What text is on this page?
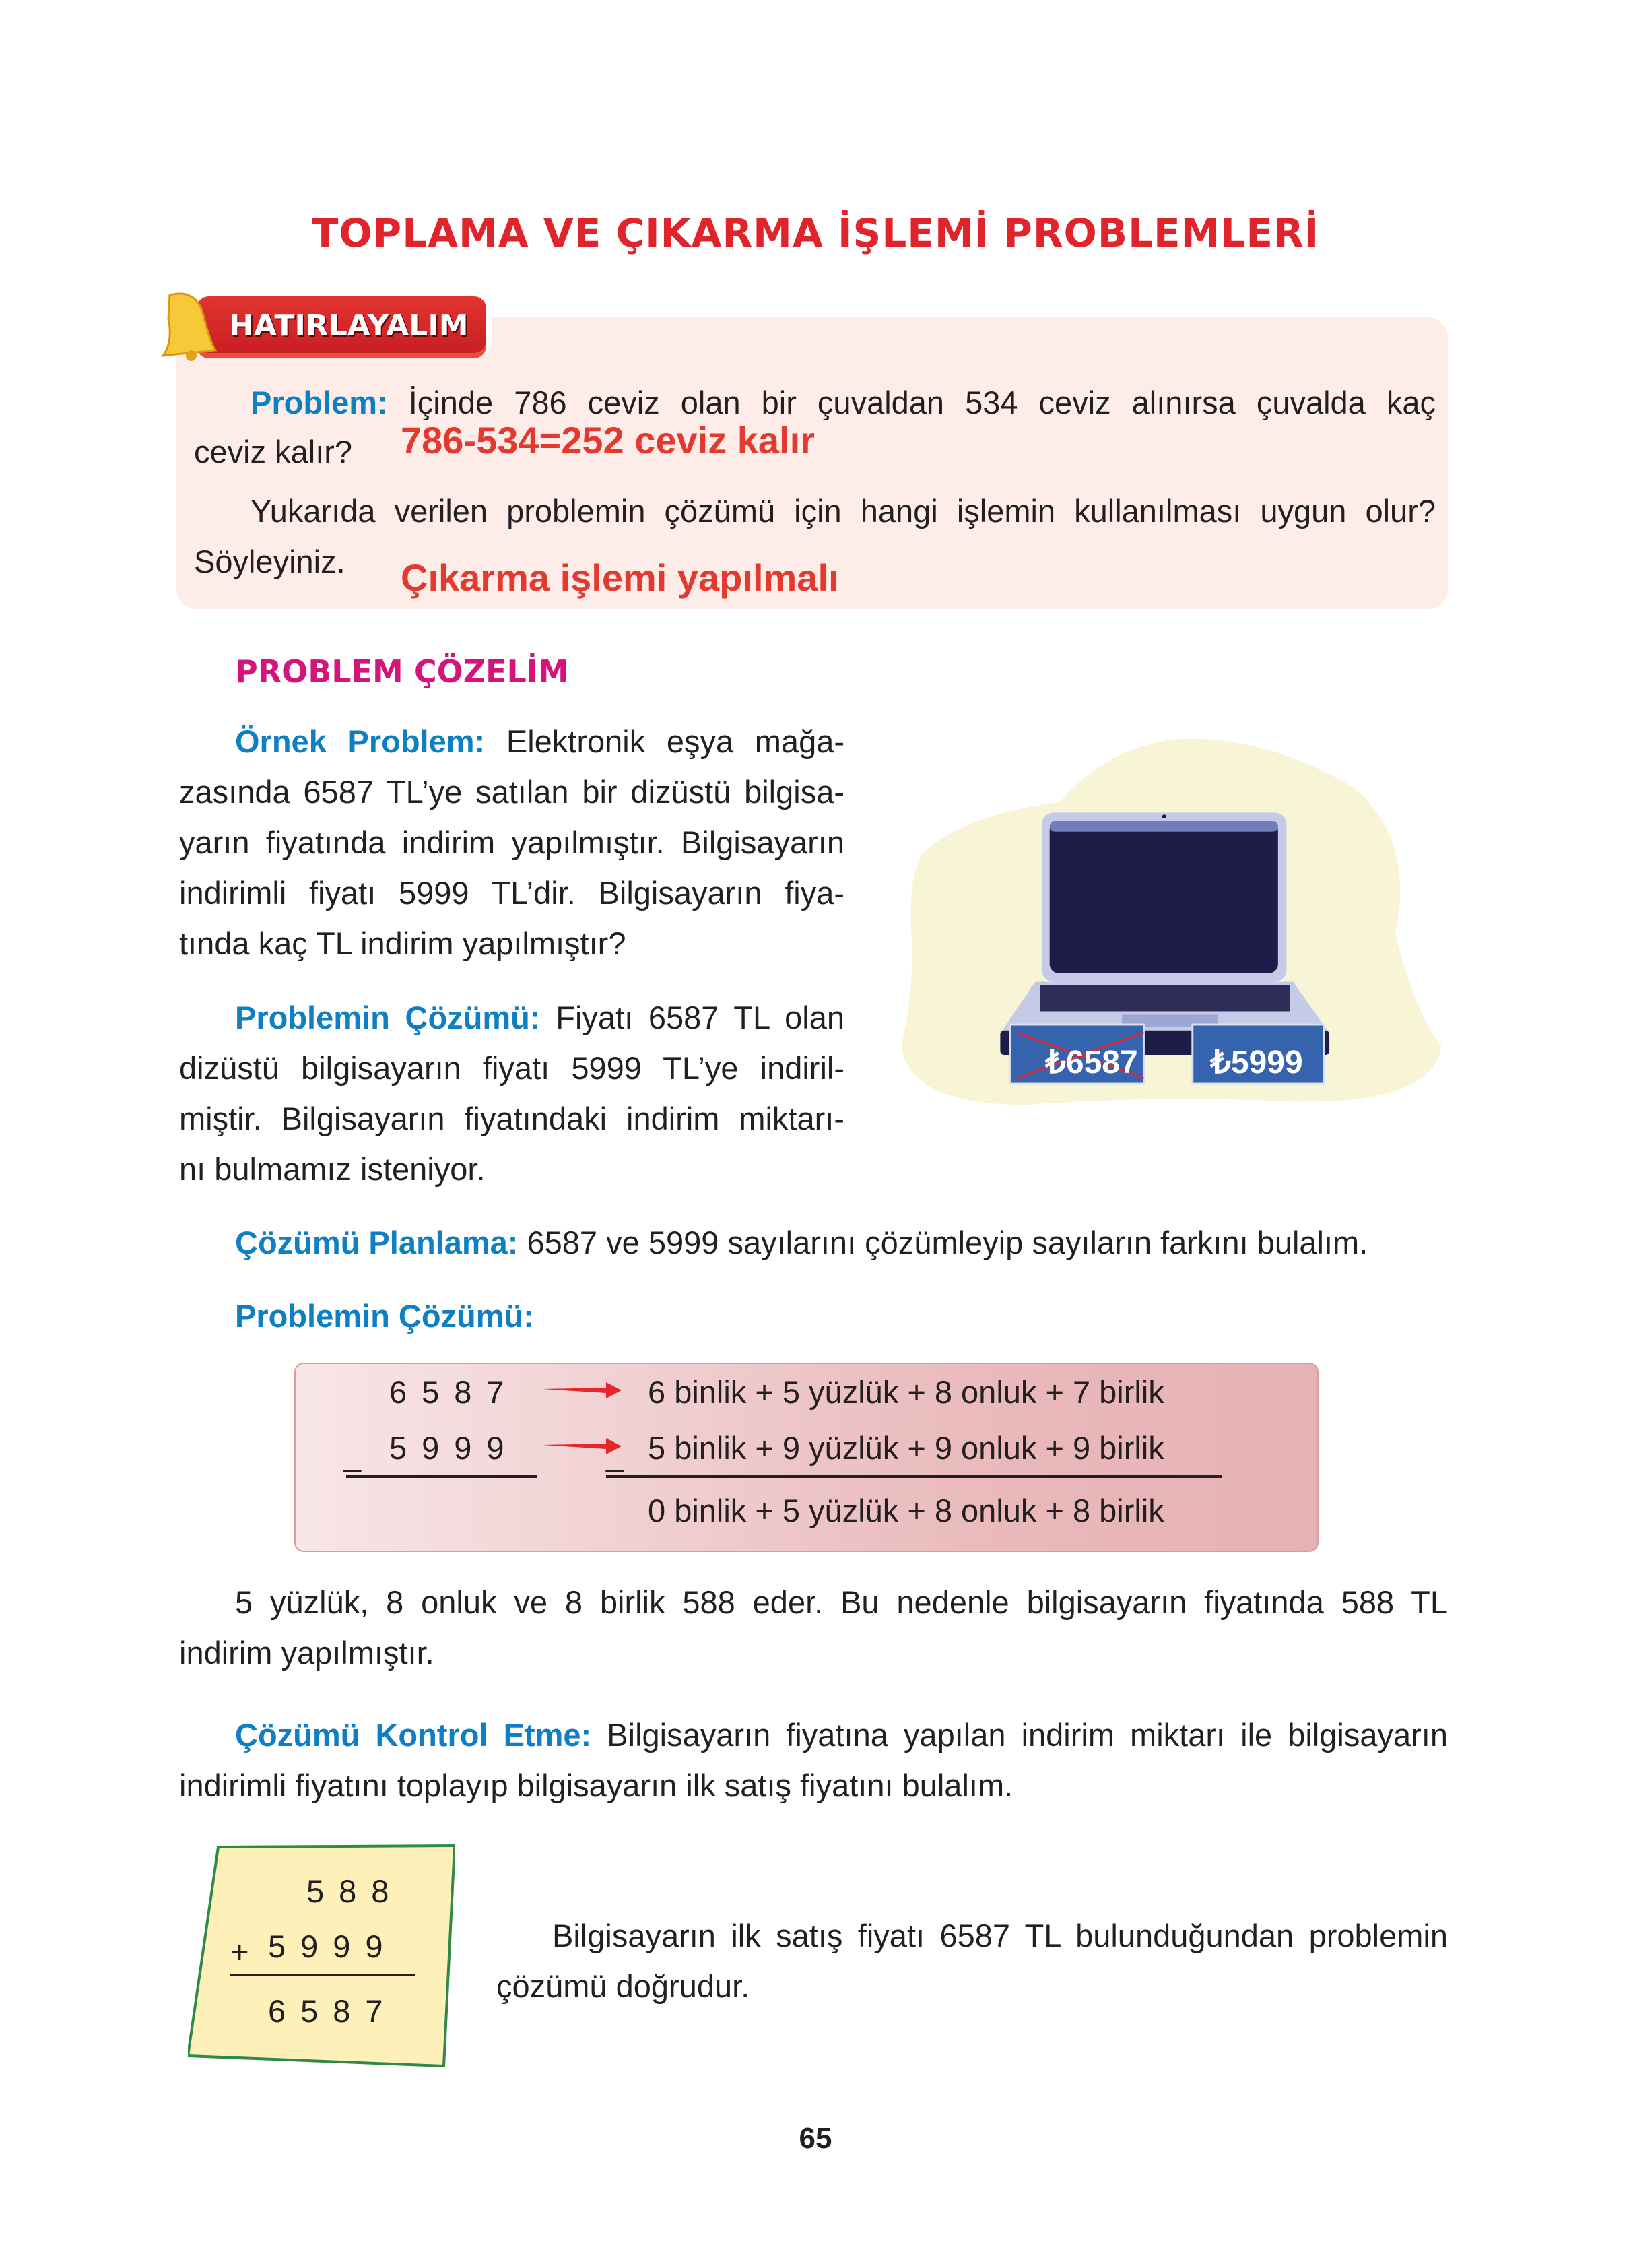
TOPLAMA VE ÇIKARMA İŞLEMİ PROBLEMLERİ
HATIRLAYALIM
Problem: İçinde 786 ceviz olan bir çuvaldan 534 ceviz alınırsa çuvalda kaç
ceviz kalır? 786-534=252 ceviz kalır
Yukarıda verilen problemin çözümü için hangi işlemin kullanılması uygun olur?
Söyleyiniz. Çıkarma işlemi yapılmalı
PROBLEM ÇÖZELİM
Örnek Problem: Elektronik eşya mağa-
zasında 6587 TL’ye satılan bir dizüstü bilgisa-
yarın fiyatında indirim yapılmıştır. Bilgisayarın
indirimli fiyatı 5999 TL’dir. Bilgisayarın fiya-
tında kaç TL indirim yapılmıştır?
Problemin Çözümü: Fiyatı 6587 TL olan
dizüstü bilgisayarın fiyatı 5999 TL’ye indiril-
miştir. Bilgisayarın fiyatındaki indirim miktarı-
nı bulmamız isteniyor.
₺6587	₺5999
Çözümü Planlama: 6587 ve 5999 sayılarını çözümleyip sayıların farkını bulalım.
Problemin Çözümü:
6587
_ 5999
6 binlik + 5 yüzlük + 8 onluk + 7 birlik
_ 5 binlik + 9 yüzlük + 9 onluk + 9 birlik
0 binlik + 5 yüzlük + 8 onluk + 8 birlik
5 yüzlük, 8 onluk ve 8 birlik 588 eder. Bu nedenle bilgisayarın fiyatında 588 TL
indirim yapılmıştır.
Çözümü Kontrol Etme: Bilgisayarın fiyatına yapılan indirim miktarı ile bilgisayarın
indirimli fiyatını toplayıp bilgisayarın ilk satış fiyatını bulalım.
588
+ 5999
6587
Bilgisayarın ilk satış fiyatı 6587 TL bulunduğundan problemin
çözümü doğrudur.
65
